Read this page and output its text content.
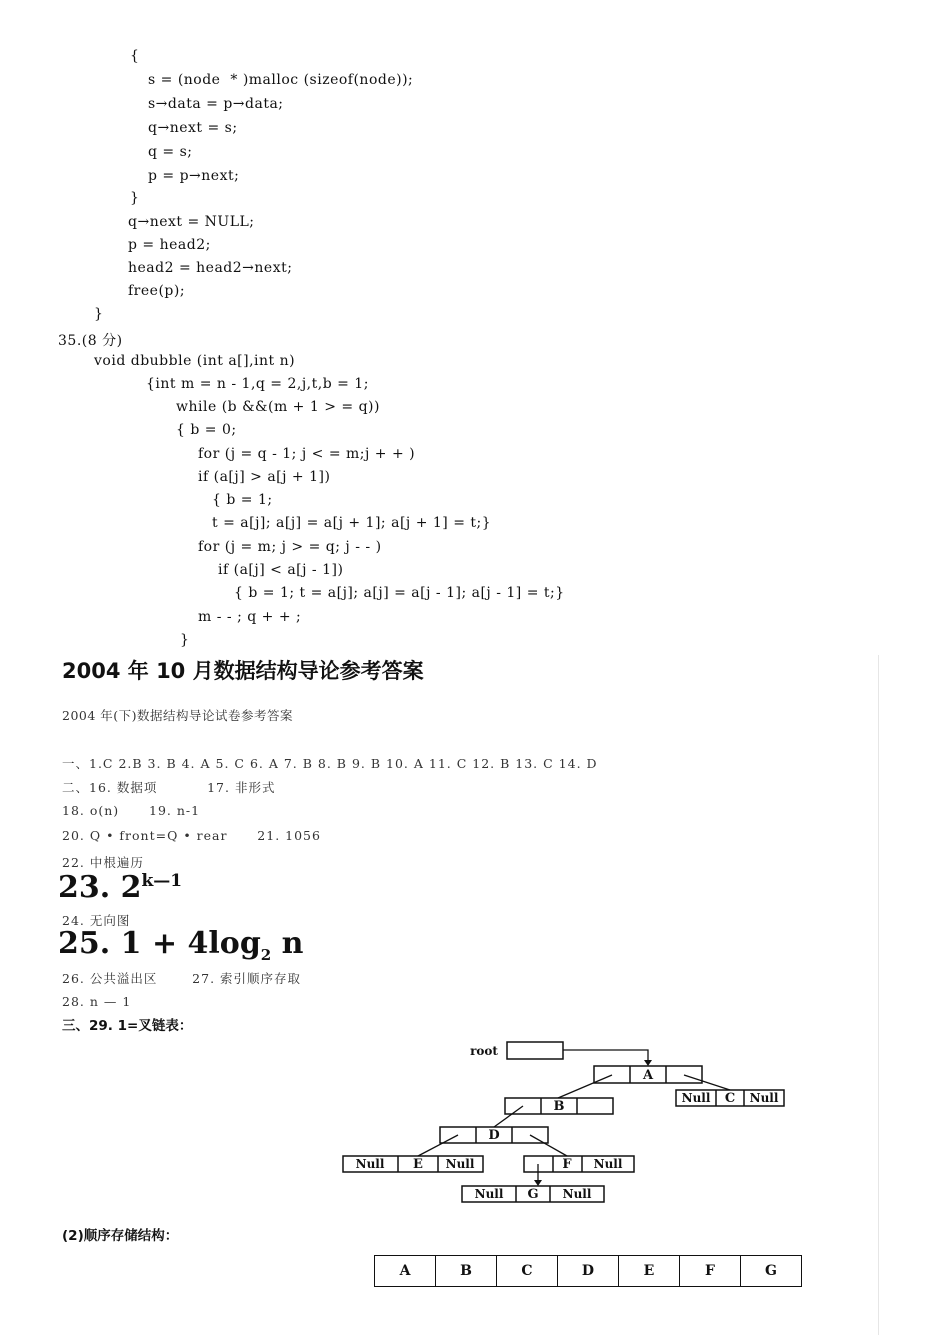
{
s = (node  * )malloc (sizeof(node));
s→data = p→data;
q→next = s;
q = s;
p = p→next;
}
q→next = NULL;
p = head2;
head2 = head2→next;
free(p);
}
35.(8 分)
void dbubble (int a[],int n)
{int m = n - 1,q = 2,j,t,b = 1;
while (b &&(m + 1 > = q))
{ b = 0;
for (j = q - 1; j < = m;j + + )
if (a[j] > a[j + 1])
{ b = 1;
t = a[j]; a[j] = a[j + 1]; a[j + 1] = t;}
for (j = m; j > = q; j - - )
if (a[j] < a[j - 1])
{ b = 1; t = a[j]; a[j] = a[j - 1]; a[j - 1] = t;}
m - - ; q + + ;
}
2004 年 10 月数据结构导论参考答案
2004 年(下)数据结构导论试卷参考答案
一、1.C 2.B 3. B 4. A 5. C 6. A 7. B 8. B 9. B 10. A 11. C 12. B 13. C 14. D
二、16. 数据项          17. 非形式
18. o(n)      19. n-1
20. Q • front=Q • rear      21. 1056
22. 中根遍历
23. $2^{k—1}$
24. 无向图
25. $1 + 4\log_2$ n
26. 公共溢出区       27. 索引顺序存取
28. n — 1
三、29. 1=叉链表：
root
A
Null C Null
B
D
Null E Null	F Null
Null G Null
(2)顺序存储结构：
A	B	C	D	E	F	G
